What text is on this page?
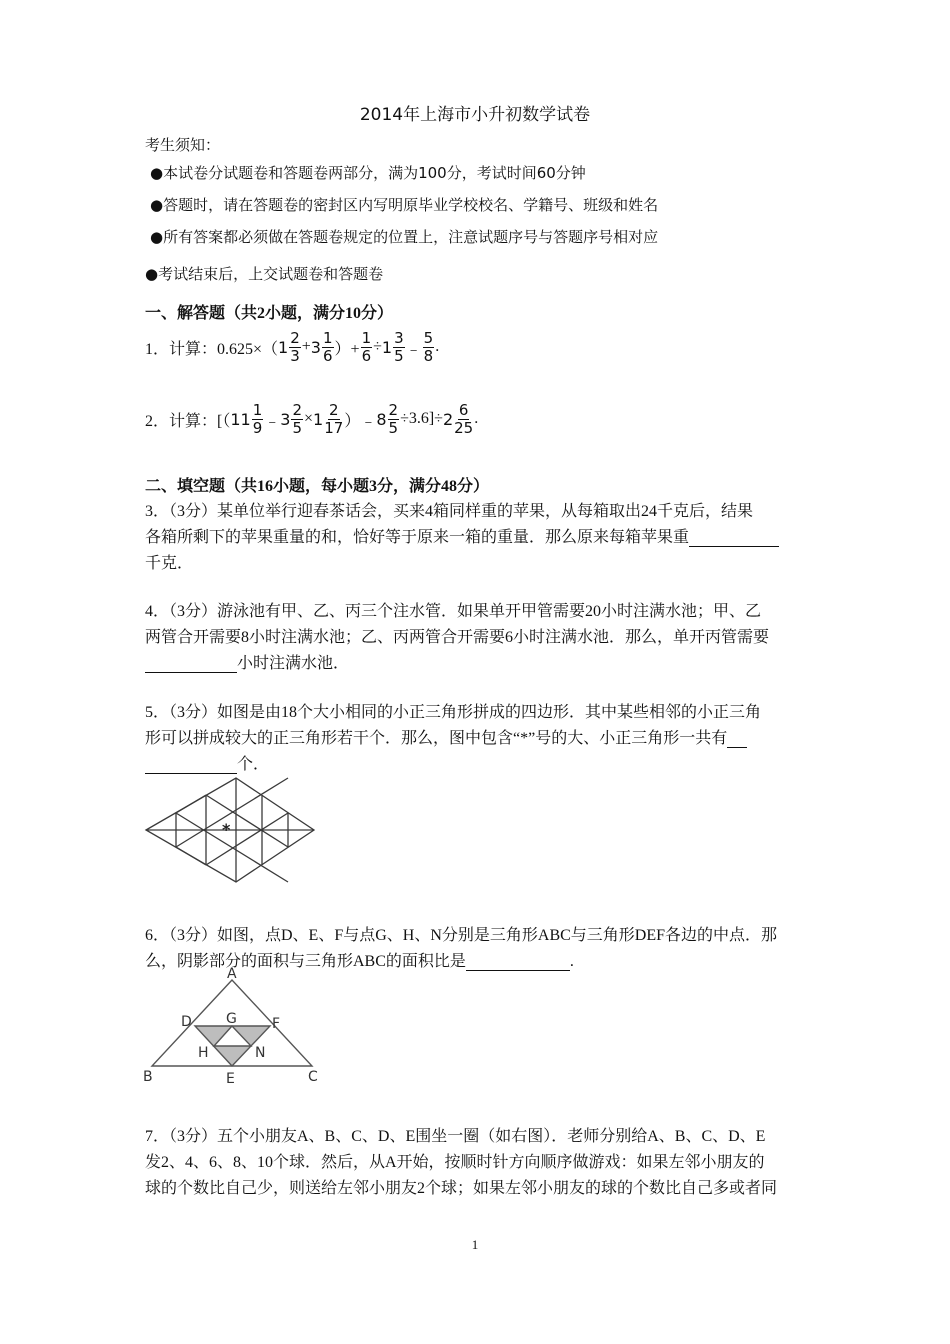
2014年上海市小升初数学试卷
考生须知：
●本试卷分试题卷和答题卷两部分，满为100分，考试时间60分钟
●答题时，请在答题卷的密封区内写明原毕业学校校名、学籍号、班级和姓名
●所有答案都必须做在答题卷规定的位置上，注意试题序号与答题序号相对应
●考试结束后，上交试题卷和答题卷
一、解答题（共2小题，满分10分）
1．计算：0.625×（ $1 \frac{2}{3} + 3 \frac{1}{6}$ ）+ $\frac{1}{6} \div 1 \frac{3}{5}$ ﹣ $\frac{5}{8}$ .
2．计算：[（ $11 \frac{1}{9}$ ﹣ $3 \frac{2}{5} \times 1 \frac{2}{17}$ ）﹣ $8 \frac{2}{5} \div 3.6]\div 2 \frac{6}{25}$ .
二、填空题（共16小题，每小题3分，满分48分）
3．（3分）某单位举行迎春茶话会，买来4箱同样重的苹果，从每箱取出24千克后，结果
各箱所剩下的苹果重量的和，恰好等于原来一箱的重量．那么原来每箱苹果重
千克．
4．（3分）游泳池有甲、乙、丙三个注水管．如果单开甲管需要20小时注满水池；甲、乙
两管合开需要8小时注满水池；乙、丙两管合开需要6小时注满水池．那么，单开丙管需要
小时注满水池．
5．（3分）如图是由18个大小相同的小正三角形拼成的四边形．其中某些相邻的小正三角
形可以拼成较大的正三角形若干个．那么，图中包含“*”号的大、小正三角形一共有
个．
*
6．（3分）如图，点D、E、F与点G、H、N分别是三角形ABC与三角形DEF各边的中点．那
么，阴影部分的面积与三角形ABC的面积比是	.
A
B	C
D
E
F
G
H	N
7．（3分）五个小朋友A、B、C、D、E围坐一圈（如右图）．老师分别给A、B、C、D、E
发2、4、6、8、10个球．然后，从A开始，按顺时针方向顺序做游戏：如果左邻小朋友的
球的个数比自己少，则送给左邻小朋友2个球；如果左邻小朋友的球的个数比自己多或者同
1
